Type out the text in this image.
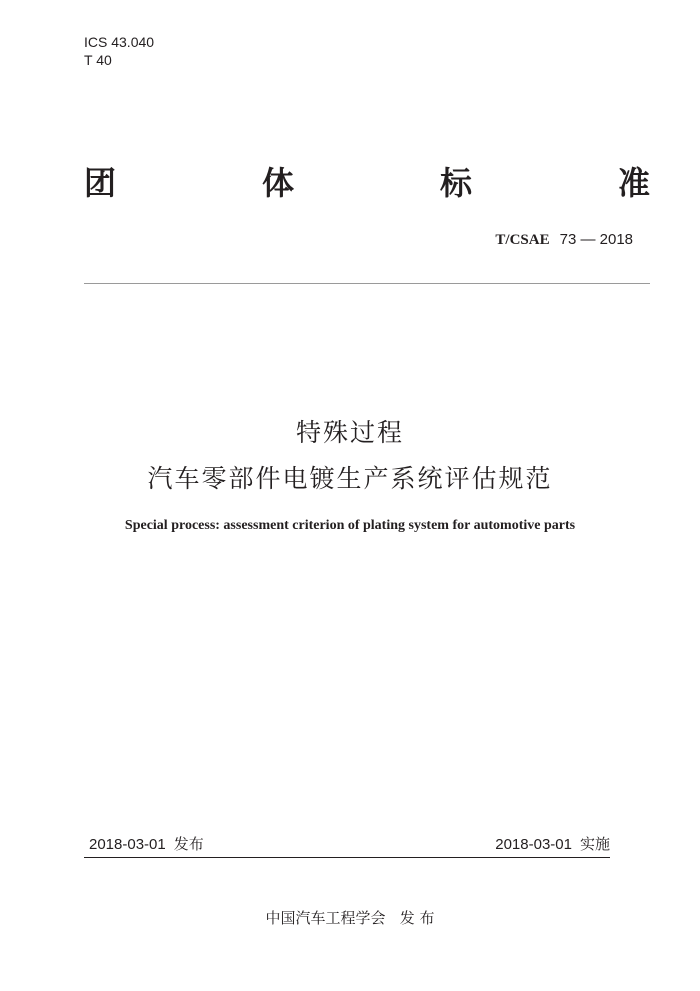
ICS 43.040
T 40
团	体	标	准
T/CSAE 73 — 2018
特殊过程
汽车零部件电镀生产系统评估规范
Special process: assessment criterion of plating system for automotive parts
2018-03-01 发布	2018-03-01 实施
中国汽车工程学会 发 布
